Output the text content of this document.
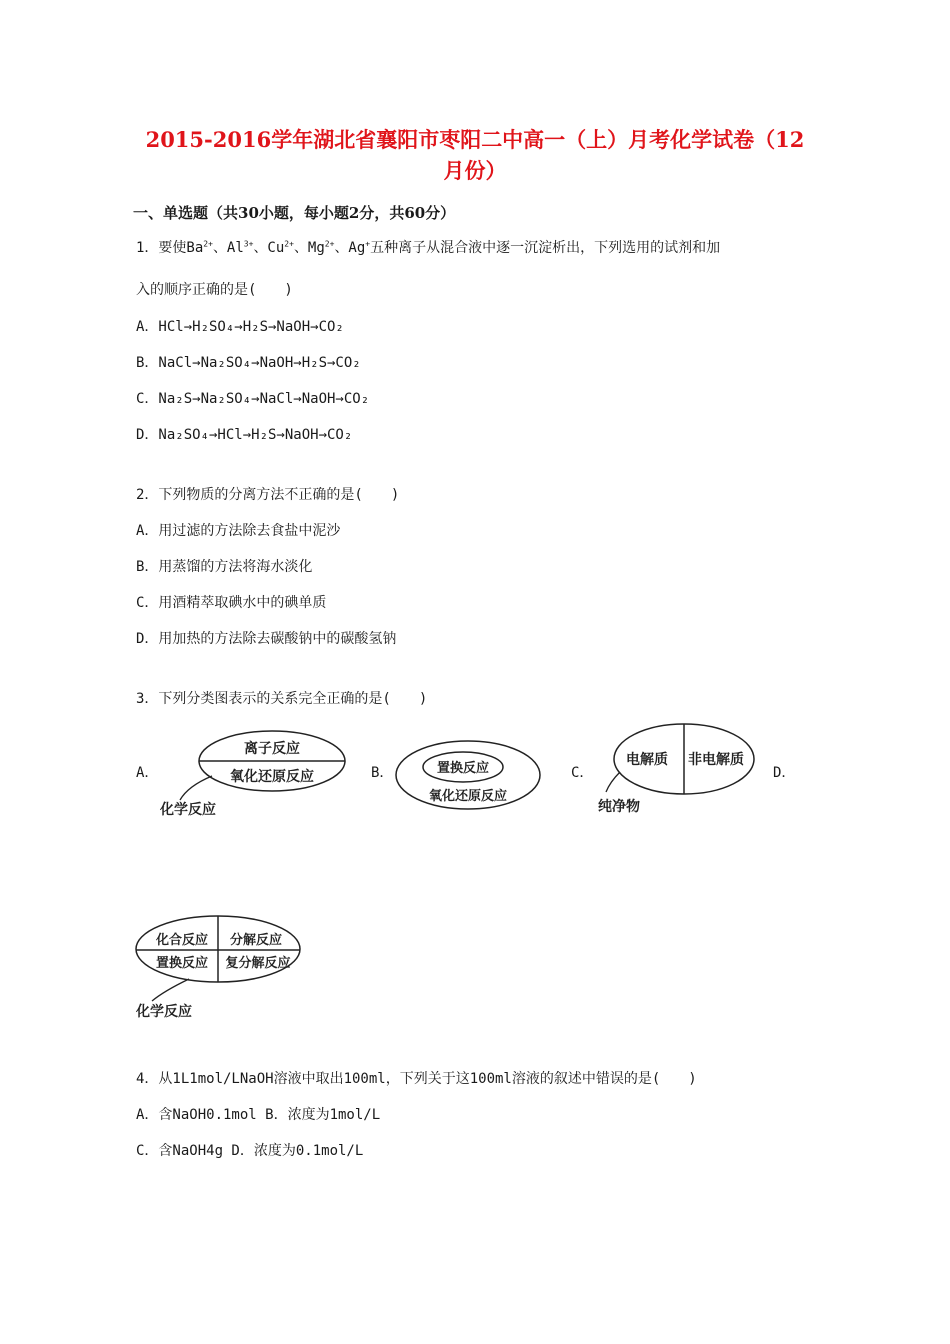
2015-2016学年湖北省襄阳市枣阳二中高一（上）月考化学试卷（12
月份）
一、单选题（共30小题，每小题2分，共60分）
1．要使$Ba^{2+}$、$Al^{3+}$、$Cu^{2+}$、$Mg^{2+}$、Ag+五种离子从混合液中逐一沉淀析出，下列选用的试剂和加
入的顺序正确的是(　　)
A．HCl→H₂SO₄→H₂S→NaOH→CO₂
B．NaCl→Na₂SO₄→NaOH→H₂S→CO₂
C．Na₂S→Na₂SO₄→NaCl→NaOH→CO₂
D．Na₂SO₄→HCl→H₂S→NaOH→CO₂
2．下列物质的分离方法不正确的是(　　)
A．用过滤的方法除去食盐中泥沙
B．用蒸馏的方法将海水淡化
C．用酒精萃取碘水中的碘单质
D．用加热的方法除去碳酸钠中的碳酸氢钠
3．下列分类图表示的关系完全正确的是(　　)
A．	B．	C．	D．
离子反应
氧化还原反应
化学反应
置换反应
氧化还原反应
电解质 非电解质
纯净物
化合反应 分解反应
置换反应 复分解反应
化学反应
4．从1L1mol/LNaOH溶液中取出100ml，下列关于这100ml溶液的叙述中错误的是(　　)
A．含NaOH0.1mol B．浓度为1mol/L
C．含NaOH4g D．浓度为0.1mol/L
